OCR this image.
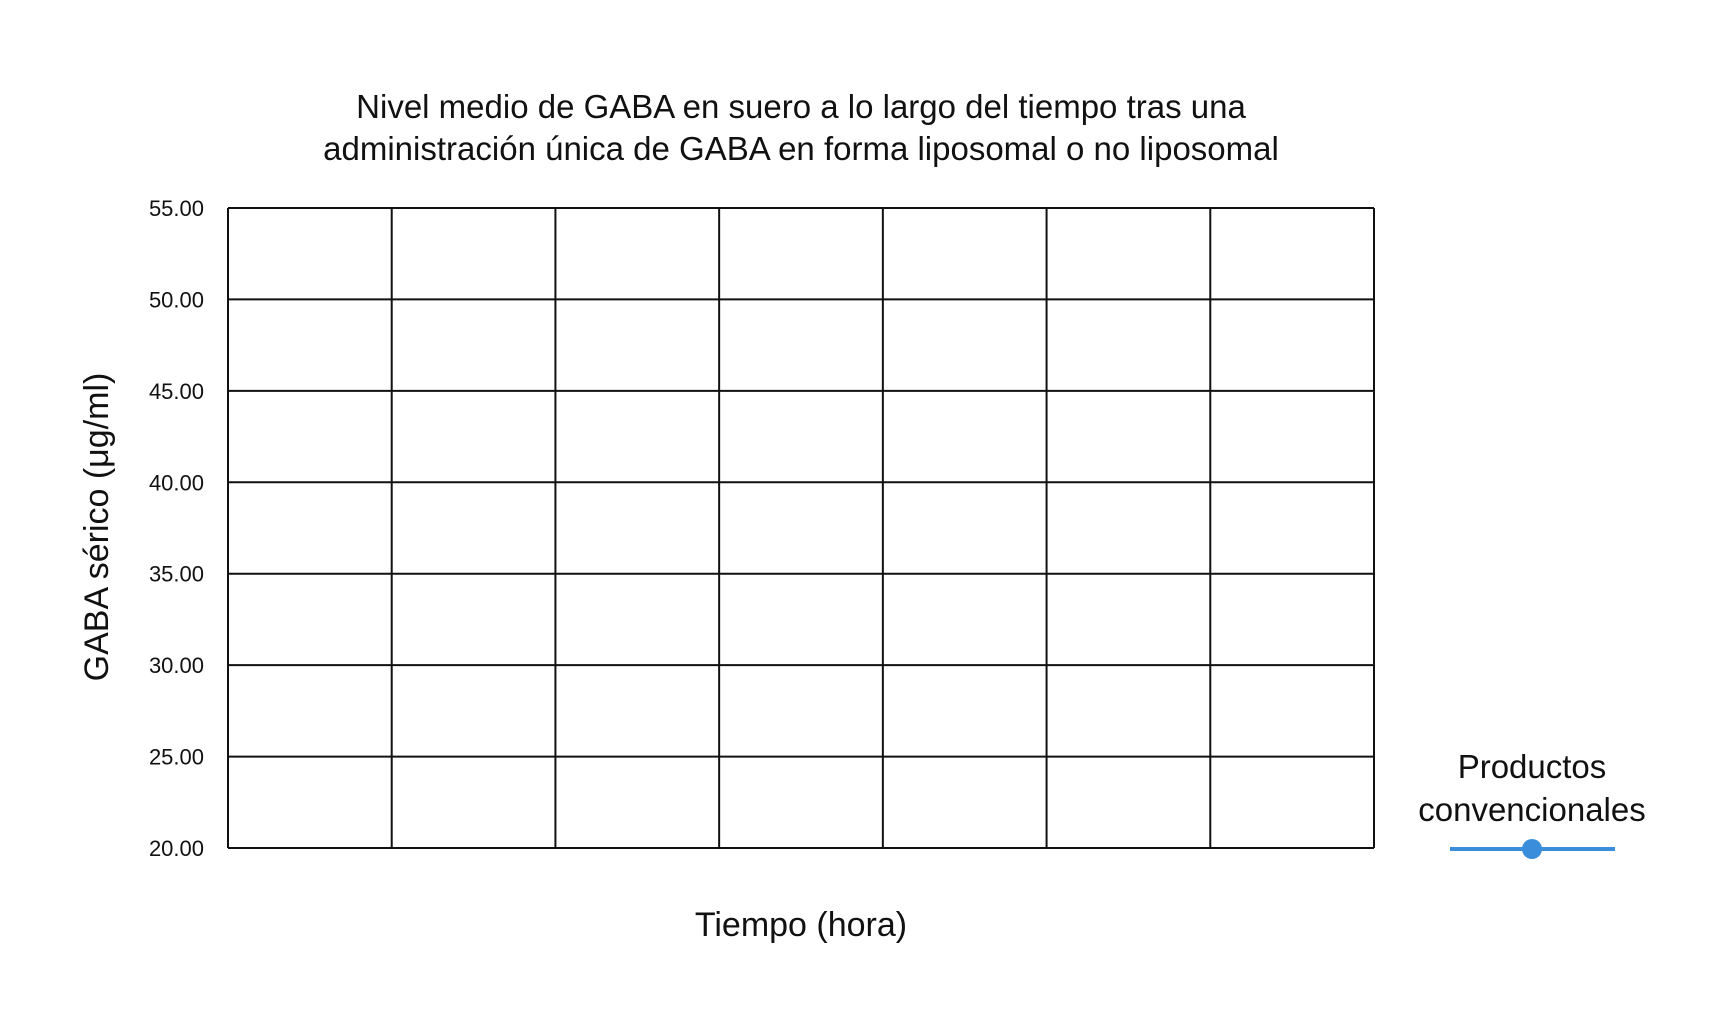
Nivel medio de GABA en suero a lo largo del tiempo tras una
administración única de GABA en forma liposomal o no liposomal
20.00
25.00
30.00
35.00
40.00
45.00
50.00
55.00
GABA sérico (μg/ml)
Tiempo (hora)
Productos
convencionales
